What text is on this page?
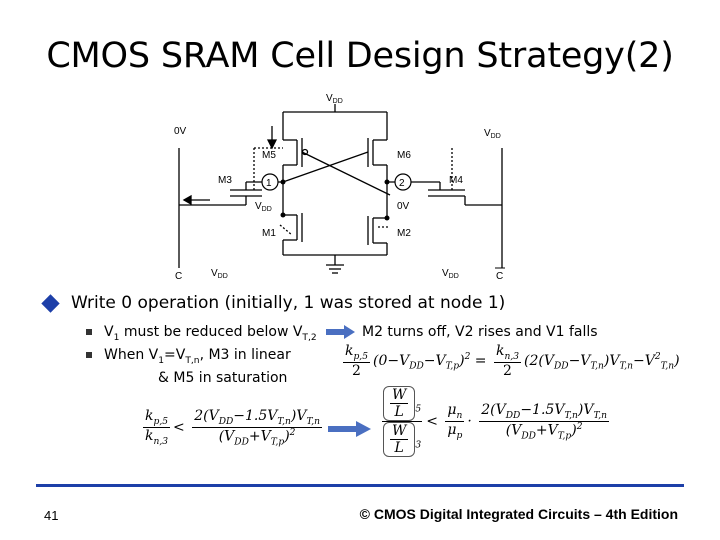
CMOS SRAM Cell Design Strategy(2)
$V_{DD}$
0V	$V_{DD}$
M5	M6
M3	M4
1	2
$V_{DD}$	0V
M1	M2
C	$V_{DD}$	$V_{DD}$	C
Write 0 operation (initially, 1 was stored at node 1)
$V_1$ must be reduced below $V_{T,2}$	M2 turns off, V2 rises and V1 falls
When $V_1=V_{T,n}$, M3 in linear
& M5 in saturation	$\frac{k_{p,5}}{2} (0-V_{DD}-V_{T,p})^2 = \frac{k_{n,3}}{2} (2(V_{DD}-V_{T,n})V_{T,n}-V^2_{T,n})$
$\frac{k_{p,5}}{k_{n,3}} < \frac{2(V_{DD}-1.5V_{T,n})V_{T,n}}{(V_{DD}+V_{T,p})^2}$	$\frac{\frac{W}{L} _5}{\frac{W}{L} _3} < \frac{\mu_n}{\mu_p} \cdot \frac{2(V_{DD}-1.5V_{T,n})V_{T,n}}{(V_{DD}+V_{T,p})^2}$
41	© CMOS Digital Integrated Circuits – 4th Edition
